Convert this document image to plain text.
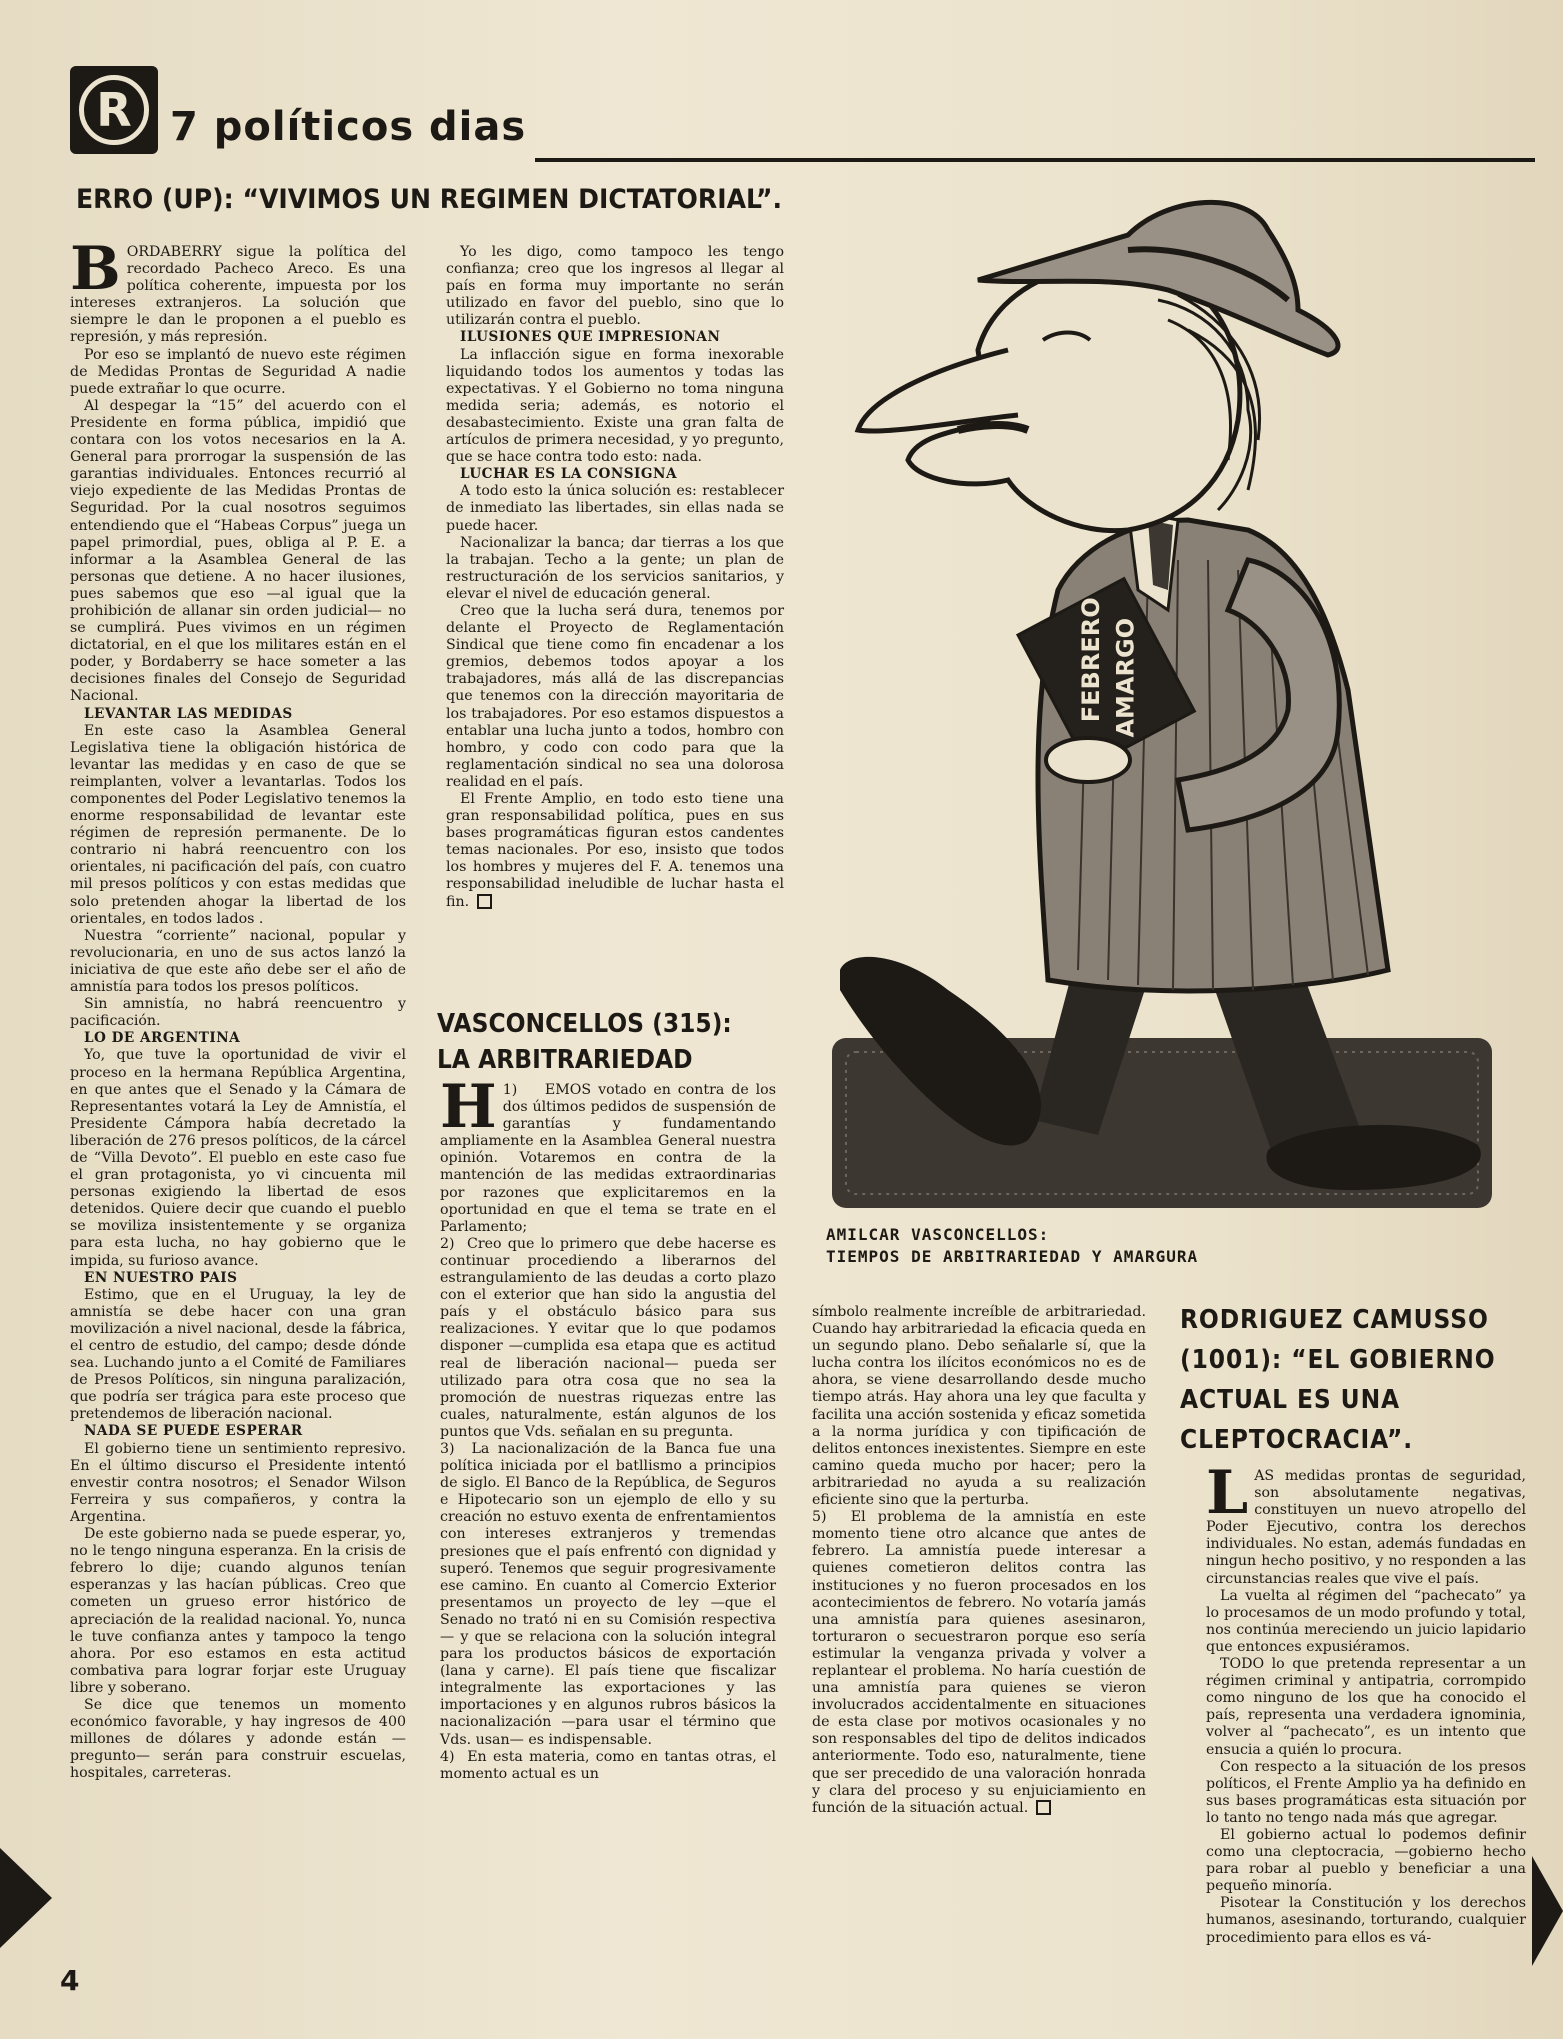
R 7 políticos dias
ERRO (UP): “VIVIMOS UN REGIMEN DICTATORIAL”.

BORDABERRY sigue la política del recordado Pacheco Areco. Es una política coherente, impuesta por los intereses extranjeros. La solución que siempre le dan le proponen a el pueblo es represión, y más represión.

Por eso se implantó de nuevo este régimen de Medidas Prontas de Seguridad A nadie puede extrañar lo que ocurre.

Al despegar la “15” del acuerdo con el Presidente en forma pública, impidió que contara con los votos necesarios en la A. General para prorrogar la suspensión de las garantias individuales. Entonces recurrió al viejo expediente de las Medidas Prontas de Seguridad. Por la cual nosotros seguimos entendiendo que el “Habeas Corpus” juega un papel primordial, pues, obliga al P. E. a informar a la Asamblea General de las personas que detiene. A no hacer ilusiones, pues sabemos que eso —al igual que la prohibición de allanar sin orden judicial— no se cumplirá. Pues vivimos en un régimen dictatorial, en el que los militares están en el poder, y Bordaberry se hace someter a las decisiones finales del Consejo de Seguridad Nacional.

LEVANTAR LAS MEDIDAS

En este caso la Asamblea General Legislativa tiene la obligación histórica de levantar las medidas y en caso de que se reimplanten, volver a levantarlas. Todos los componentes del Poder Legislativo tenemos la enorme responsabilidad de levantar este régimen de represión permanente. De lo contrario ni habrá reencuentro con los orientales, ni pacificación del país, con cuatro mil presos políticos y con estas medidas que solo pretenden ahogar la libertad de los orientales, en todos lados .

Nuestra “corriente” nacional, popular y revolucionaria, en uno de sus actos lanzó la iniciativa de que este año debe ser el año de amnistía para todos los presos políticos.

Sin amnistía, no habrá reencuentro y pacificación.

LO DE ARGENTINA

Yo, que tuve la oportunidad de vivir el proceso en la hermana República Argentina, en que antes que el Senado y la Cámara de Representantes votará la Ley de Amnistía, el Presidente Cámpora había decretado la liberación de 276 presos políticos, de la cárcel de “Villa Devoto”. El pueblo en este caso fue el gran protagonista, yo vi cincuenta mil personas exigiendo la libertad de esos detenidos. Quiere decir que cuando el pueblo se moviliza insistentemente y se organiza para esta lucha, no hay gobierno que le impida, su furioso avance.

EN NUESTRO PAIS

Estimo, que en el Uruguay, la ley de amnistía se debe hacer con una gran movilización a nivel nacional, desde la fábrica, el centro de estudio, del campo; desde dónde sea. Luchando junto a el Comité de Familiares de Presos Políticos, sin ninguna paralización, que podría ser trágica para este proceso que pretendemos de liberación nacional.

NADA SE PUEDE ESPERAR

El gobierno tiene un sentimiento represivo. En el último discurso el Presidente intentó envestir contra nosotros; el Senador Wilson Ferreira y sus compañeros, y contra la Argentina.

De este gobierno nada se puede esperar, yo, no le tengo ninguna esperanza. En la crisis de febrero lo dije; cuando algunos tenían esperanzas y las hacían públicas. Creo que cometen un grueso error histórico de apreciación de la realidad nacional. Yo, nunca le tuve confianza antes y tampoco la tengo ahora. Por eso estamos en esta actitud combativa para lograr forjar este Uruguay libre y soberano.

Se dice que tenemos un momento económico favorable, y hay ingresos de 400 millones de dólares y adonde están —pregunto— serán para construir escuelas, hospitales, carreteras.

Yo les digo, como tampoco les tengo confianza; creo que los ingresos al llegar al país en forma muy importante no serán utilizado en favor del pueblo, sino que lo utilizarán contra el pueblo.

ILUSIONES QUE IMPRESIONAN

La inflacción sigue en forma inexorable liquidando todos los aumentos y todas las expectativas. Y el Gobierno no toma ninguna medida seria; además, es notorio el desabastecimiento. Existe una gran falta de artículos de primera necesidad, y yo pregunto, que se hace contra todo esto: nada.

LUCHAR ES LA CONSIGNA

A todo esto la única solución es: restablecer de inmediato las libertades, sin ellas nada se puede hacer.

Nacionalizar la banca; dar tierras a los que la trabajan. Techo a la gente; un plan de restructuración de los servicios sanitarios, y elevar el nivel de educación general.

Creo que la lucha será dura, tenemos por delante el Proyecto de Reglamentación Sindical que tiene como fin encadenar a los gremios, debemos todos apoyar a los trabajadores, más allá de las discrepancias que tenemos con la dirección mayoritaria de los trabajadores. Por eso estamos dispuestos a entablar una lucha junto a todos, hombro con hombro, y codo con codo para que la reglamentación sindical no sea una dolorosa realidad en el país.

El Frente Amplio, en todo esto tiene una gran responsabilidad política, pues en sus bases programáticas figuran estos candentes temas nacionales. Por eso, insisto que todos los hombres y mujeres del F. A. tenemos una responsabilidad ineludible de luchar hasta el fin.

VASCONCELLOS (315):
LA ARBITRARIEDAD

1)
H	EMOS votado en contra de los dos últimos pedidos de suspensión de garantías y fundamentando ampliamente en la Asamblea General nuestra opinión. Votaremos en contra de la mantención de las medidas extraordinarias por razones que explicitaremos en la oportunidad en que el tema se trate en el Parlamento;

2) Creo que lo primero que debe hacerse es continuar procediendo a liberarnos del estrangulamiento de las deudas a corto plazo con el exterior que han sido la angustia del país y el obstáculo básico para sus realizaciones. Y evitar que lo que podamos disponer —cumplida esa etapa que es actitud real de liberación nacional— pueda ser utilizado para otra cosa que no sea la promoción de nuestras riquezas entre las cuales, naturalmente, están algunos de los puntos que Vds. señalan en su pregunta.

3) La nacionalización de la Banca fue una política iniciada por el batllismo a principios de siglo. El Banco de la República, de Seguros e Hipotecario son un ejemplo de ello y su creación no estuvo exenta de enfrentamientos con intereses extranjeros y tremendas presiones que el país enfrentó con dignidad y superó. Tenemos que seguir progresivamente ese camino. En cuanto al Comercio Exterior presentamos un proyecto de ley —que el Senado no trató ni en su Comisión respectiva— y que se relaciona con la solución integral para los productos básicos de exportación (lana y carne). El país tiene que fiscalizar integralmente las exportaciones y las importaciones y en algunos rubros básicos la nacionalización —para usar el término que Vds. usan— es indispensable.

4) En esta materia, como en tantas otras, el momento actual es un

símbolo realmente increíble de arbitrariedad. Cuando hay arbitrariedad la eficacia queda en un segundo plano. Debo señalarle sí, que la lucha contra los ilícitos económicos no es de ahora, se viene desarrollando desde mucho tiempo atrás. Hay ahora una ley que faculta y facilita una acción sostenida y eficaz sometida a la norma jurídica y con tipificación de delitos entonces inexistentes. Siempre en este camino queda mucho por hacer; pero la arbitrariedad no ayuda a su realización eficiente sino que la perturba.

5) El problema de la amnistía en este momento tiene otro alcance que antes de febrero. La amnistía puede interesar a quienes cometieron delitos contra las instituciones y no fueron procesados en los acontecimientos de febrero. No votaría jamás una amnistía para quienes asesinaron, torturaron o secuestraron porque eso sería estimular la venganza privada y volver a replantear el problema. No haría cuestión de una amnistía para quienes se vieron involucrados accidentalmente en situaciones de esta clase por motivos ocasionales y no son responsables del tipo de delitos indicados anteriormente. Todo eso, naturalmente, tiene que ser precedido de una valoración honrada y clara del proceso y su enjuiciamiento en función de la situación actual.

FEBRERO AMARGO
AMILCAR VASCONCELLOS:
TIEMPOS DE ARBITRARIEDAD Y AMARGURA
RODRIGUEZ CAMUSSO
(1001): “EL GOBIERNO
ACTUAL ES UNA
CLEPTOCRACIA”.

LAS medidas prontas de seguridad, son absolutamente negativas, constituyen un nuevo atropello del Poder Ejecutivo, contra los derechos individuales. No estan, además fundadas en ningun hecho positivo, y no responden a las circunstancias reales que vive el país.

La vuelta al régimen del “pachecato” ya lo procesamos de un modo profundo y total, nos continúa mereciendo un juicio lapidario que entonces expusiéramos.

TODO lo que pretenda representar a un régimen criminal y antipatria, corrompido como ninguno de los que ha conocido el país, representa una verdadera ignominia, volver al “pachecato”, es un intento que ensucia a quién lo procura.

Con respecto a la situación de los presos políticos, el Frente Amplio ya ha definido en sus bases programáticas esta situación por lo tanto no tengo nada más que agregar.

El gobierno actual lo podemos definir como una cleptocracia, —gobierno hecho para robar al pueblo y beneficiar a una pequeño minoría.

Pisotear la Constitución y los derechos humanos, asesinando, torturando, cualquier procedimiento para ellos es vá-

4
